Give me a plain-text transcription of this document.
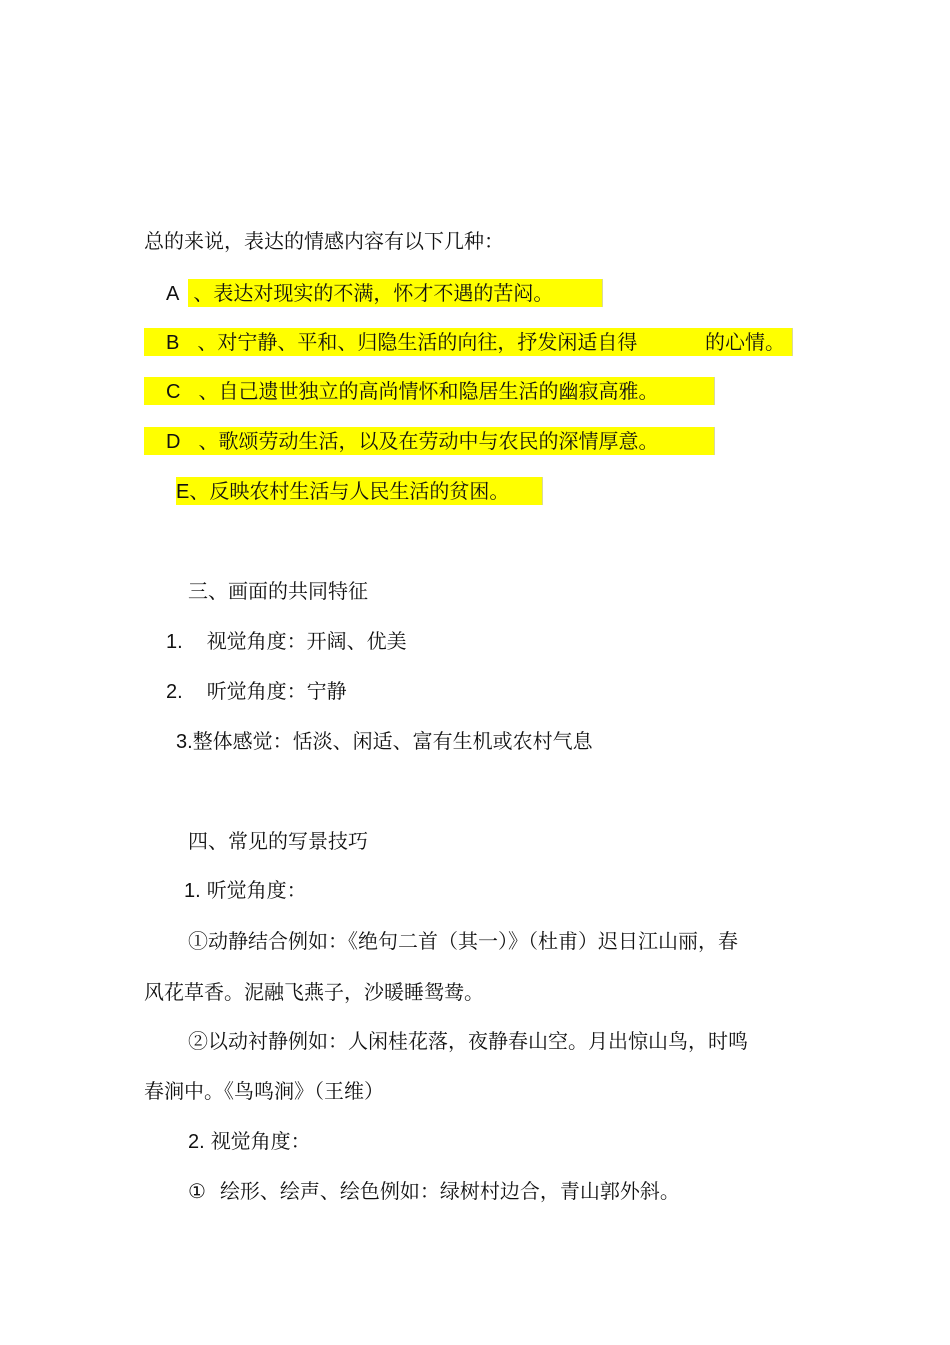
总的来说，表达的情感内容有以下几种：
A 、表达对现实的不满，怀才不遇的苦闷。
B 、对宁静、平和、归隐生活的向往，抒发闲适自得	的心情。
C 、自己遗世独立的高尚情怀和隐居生活的幽寂高雅。
D 、歌颂劳动生活，以及在劳动中与农民的深情厚意。
E、反映农村生活与人民生活的贫困。
三、画面的共同特征
1. 视觉角度：开阔、优美
2. 听觉角度：宁静
3.整体感觉：恬淡、闲适、富有生机或农村气息
四、常见的写景技巧
1. 听觉角度：
①动静结合例如：《绝句二首（其一）》（杜甫）迟日江山丽，春
风花草香。泥融飞燕子，沙暖睡鸳鸯。
②以动衬静例如：人闲桂花落，夜静春山空。月出惊山鸟，时鸣
春涧中。《鸟鸣涧》（王维）
2. 视觉角度：
① 绘形、绘声、绘色例如：绿树村边合，青山郭外斜。
